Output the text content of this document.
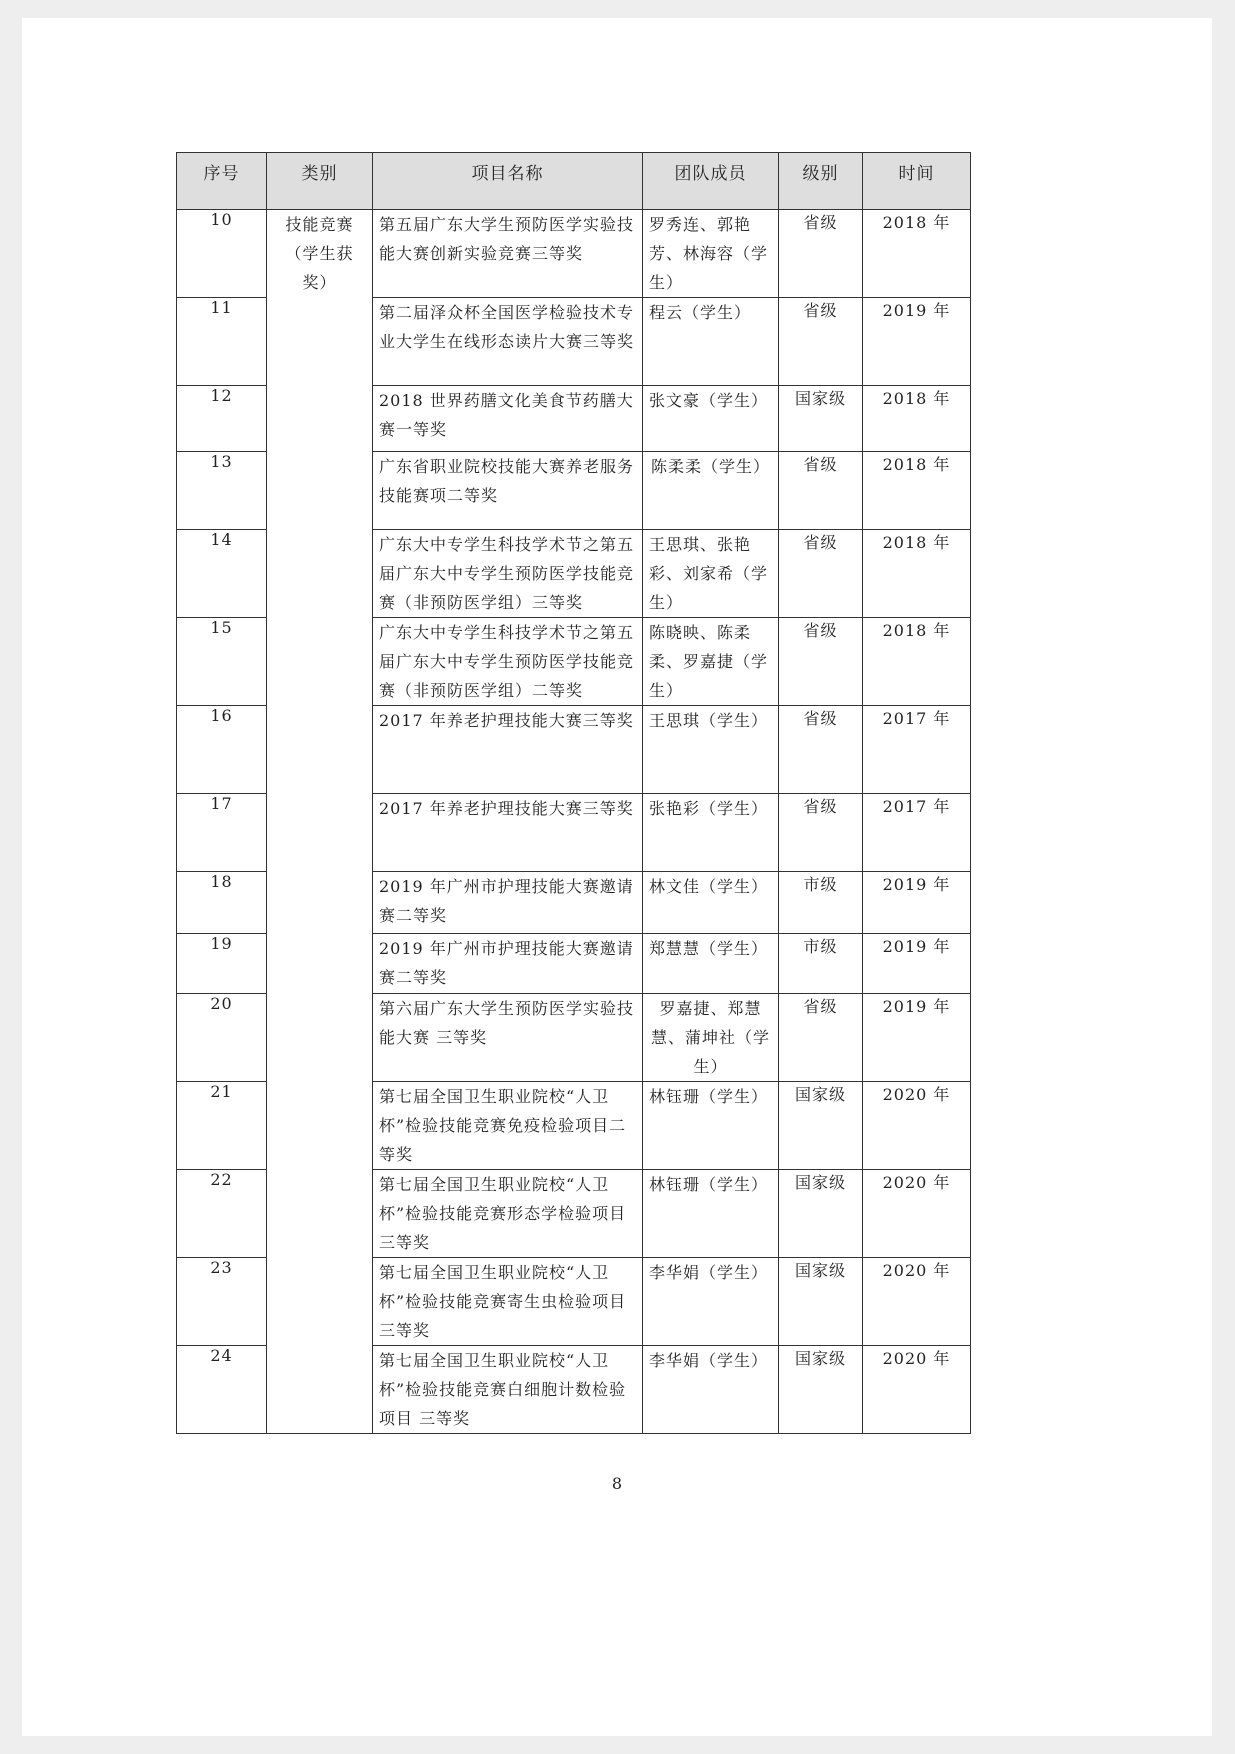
序号	类别	项目名称	团队成员	级别	时间
10	技能竞赛（学生获奖）	第五届广东大学生预防医学实验技能大赛创新实验竞赛三等奖	罗秀连、郭艳芳、林海容（学生）	省级	2018 年
11		第二届泽众杯全国医学检验技术专业大学生在线形态读片大赛三等奖	程云（学生）	省级	2019 年
12		2018 世界药膳文化美食节药膳大赛一等奖	张文豪（学生）	国家级	2018 年
13		广东省职业院校技能大赛养老服务技能赛项二等奖	陈柔柔（学生）	省级	2018 年
14		广东大中专学生科技学术节之第五届广东大中专学生预防医学技能竞赛（非预防医学组）三等奖	王思琪、张艳彩、刘家希（学生）	省级	2018 年
15		广东大中专学生科技学术节之第五届广东大中专学生预防医学技能竞赛（非预防医学组）二等奖	陈晓映、陈柔柔、罗嘉捷（学生）	省级	2018 年
16		2017 年养老护理技能大赛三等奖	王思琪（学生）	省级	2017 年
17		2017 年养老护理技能大赛三等奖	张艳彩（学生）	省级	2017 年
18		2019 年广州市护理技能大赛邀请赛二等奖	林文佳（学生）	市级	2019 年
19		2019 年广州市护理技能大赛邀请赛二等奖	郑慧慧（学生）	市级	2019 年
20		第六届广东大学生预防医学实验技能大赛 三等奖	罗嘉捷、郑慧慧、蒲坤社（学生）	省级	2019 年
21		第七届全国卫生职业院校“人卫杯”检验技能竞赛免疫检验项目二等奖	林钰珊（学生）	国家级	2020 年
22		第七届全国卫生职业院校“人卫杯”检验技能竞赛形态学检验项目三等奖	林钰珊（学生）	国家级	2020 年
23		第七届全国卫生职业院校“人卫杯”检验技能竞赛寄生虫检验项目三等奖	李华娟（学生）	国家级	2020 年
24		第七届全国卫生职业院校“人卫杯”检验技能竞赛白细胞计数检验项目 三等奖	李华娟（学生）	国家级	2020 年
8
